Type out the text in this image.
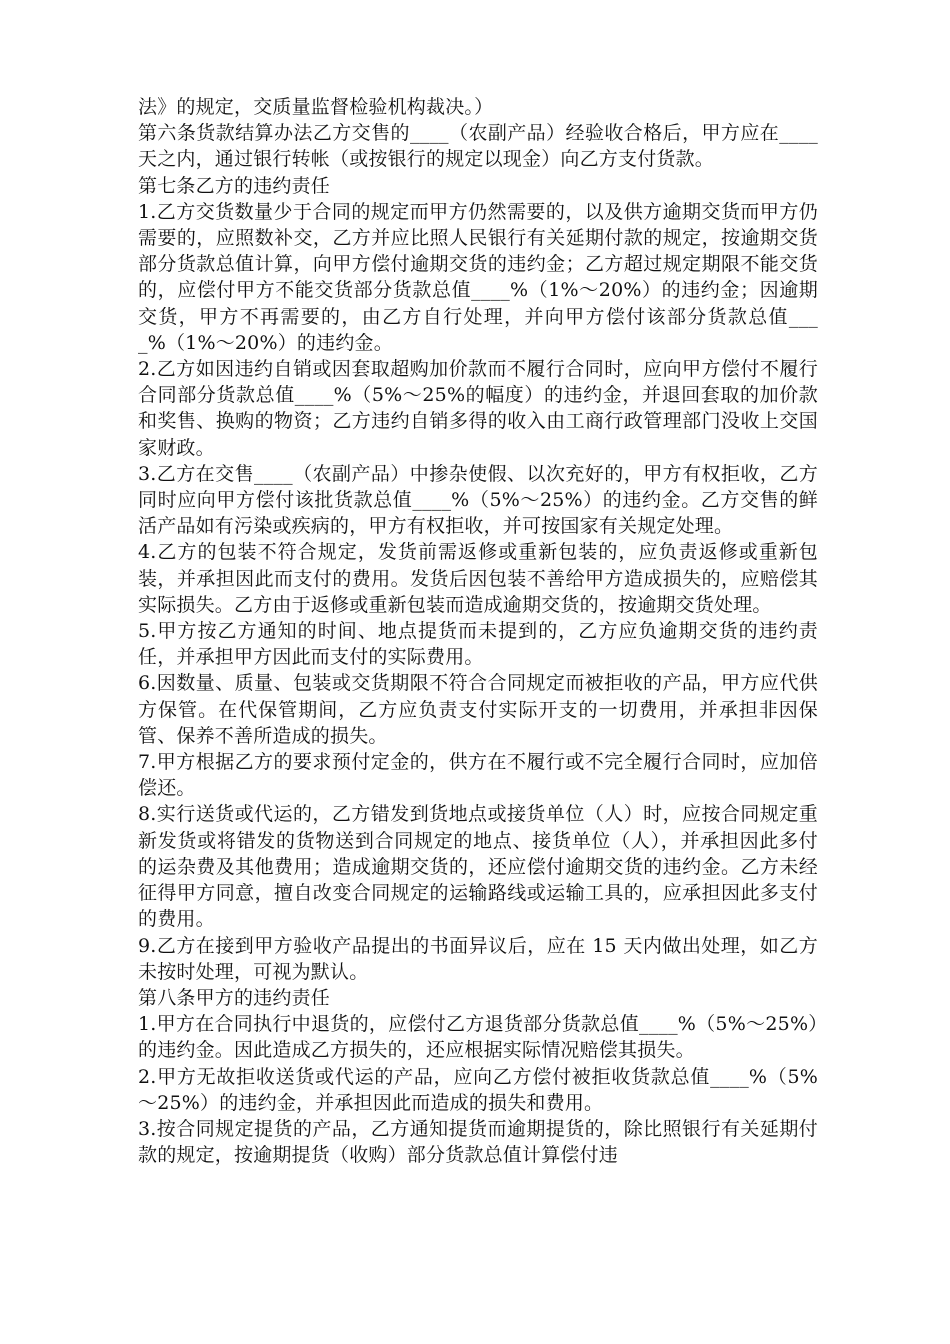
法》的规定，交质量监督检验机构裁决。）

第六条货款结算办法乙方交售的____（农副产品）经验收合格后，甲方应在____天之内，通过银行转帐（或按银行的规定以现金）向乙方支付货款。

第七条乙方的违约责任

1.乙方交货数量少于合同的规定而甲方仍然需要的，以及供方逾期交货而甲方仍需要的，应照数补交，乙方并应比照人民银行有关延期付款的规定，按逾期交货部分货款总值计算，向甲方偿付逾期交货的违约金；乙方超过规定期限不能交货的，应偿付甲方不能交货部分货款总值____%（1%～20%）的违约金；因逾期交货，甲方不再需要的，由乙方自行处理，并向甲方偿付该部分货款总值____%（1%～20%）的违约金。

2.乙方如因违约自销或因套取超购加价款而不履行合同时，应向甲方偿付不履行合同部分货款总值____%（5%～25%的幅度）的违约金，并退回套取的加价款和奖售、换购的物资；乙方违约自销多得的收入由工商行政管理部门没收上交国家财政。

3.乙方在交售____（农副产品）中掺杂使假、以次充好的，甲方有权拒收，乙方同时应向甲方偿付该批货款总值____%（5%～25%）的违约金。乙方交售的鲜活产品如有污染或疾病的，甲方有权拒收，并可按国家有关规定处理。

4.乙方的包装不符合规定，发货前需返修或重新包装的，应负责返修或重新包装，并承担因此而支付的费用。发货后因包装不善给甲方造成损失的，应赔偿其实际损失。乙方由于返修或重新包装而造成逾期交货的，按逾期交货处理。

5.甲方按乙方通知的时间、地点提货而未提到的，乙方应负逾期交货的违约责任，并承担甲方因此而支付的实际费用。

6.因数量、质量、包装或交货期限不符合合同规定而被拒收的产品，甲方应代供方保管。在代保管期间，乙方应负责支付实际开支的一切费用，并承担非因保管、保养不善所造成的损失。

7.甲方根据乙方的要求预付定金的，供方在不履行或不完全履行合同时，应加倍偿还。

8.实行送货或代运的，乙方错发到货地点或接货单位（人）时，应按合同规定重新发货或将错发的货物送到合同规定的地点、接货单位（人），并承担因此多付的运杂费及其他费用；造成逾期交货的，还应偿付逾期交货的违约金。乙方未经征得甲方同意，擅自改变合同规定的运输路线或运输工具的，应承担因此多支付的费用。

9.乙方在接到甲方验收产品提出的书面异议后，应在 15 天内做出处理，如乙方未按时处理，可视为默认。

第八条甲方的违约责任

1.甲方在合同执行中退货的，应偿付乙方退货部分货款总值____%（5%～25%）的违约金。因此造成乙方损失的，还应根据实际情况赔偿其损失。

2.甲方无故拒收送货或代运的产品，应向乙方偿付被拒收货款总值____%（5%～25%）的违约金，并承担因此而造成的损失和费用。

3.按合同规定提货的产品，乙方通知提货而逾期提货的，除比照银行有关延期付款的规定，按逾期提货（收购）部分货款总值计算偿付违
